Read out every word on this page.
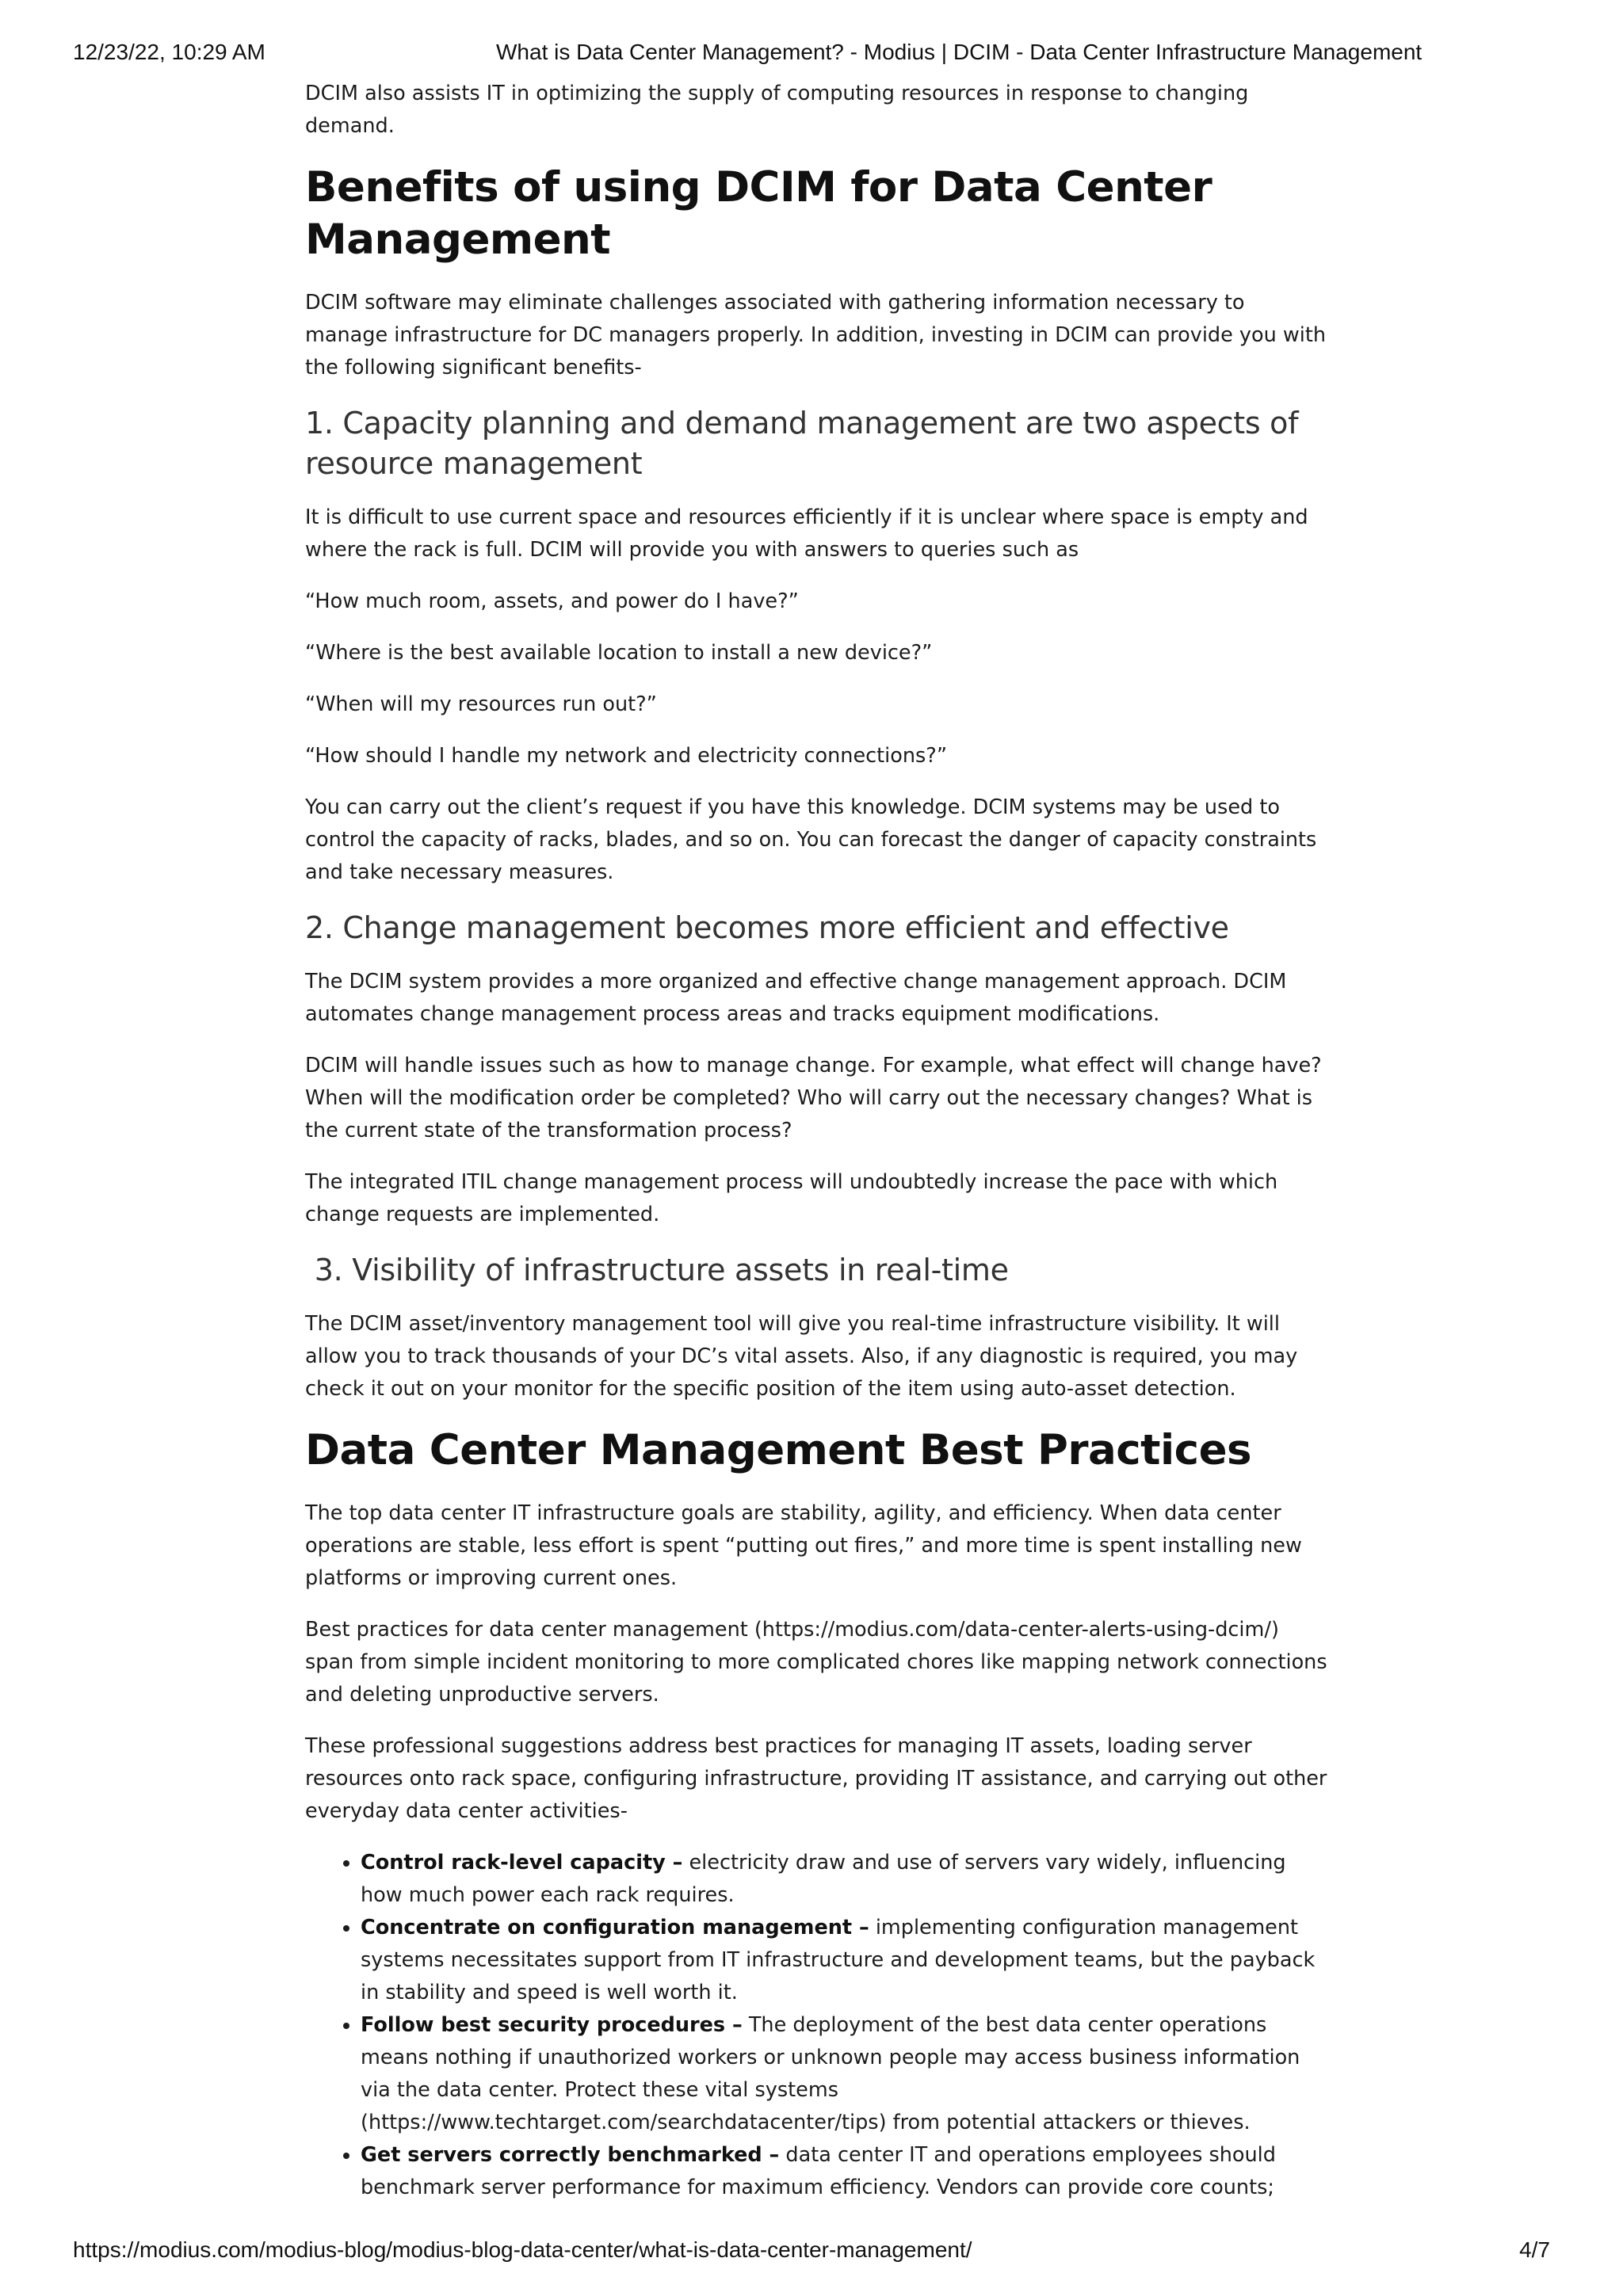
12/23/22, 10:29 AM	What is Data Center Management? - Modius | DCIM - Data Center Infrastructure Management

DCIM also assists IT in optimizing the supply of computing resources in response to changing demand.

Benefits of using DCIM for Data Center Management

DCIM software may eliminate challenges associated with gathering information necessary to manage infrastructure for DC managers properly. In addition, investing in DCIM can provide you with the following significant benefits-

1. Capacity planning and demand management are two aspects of resource management

It is difficult to use current space and resources efficiently if it is unclear where space is empty and where the rack is full. DCIM will provide you with answers to queries such as

“How much room, assets, and power do I have?”

“Where is the best available location to install a new device?”

“When will my resources run out?”

“How should I handle my network and electricity connections?”

You can carry out the client’s request if you have this knowledge. DCIM systems may be used to control the capacity of racks, blades, and so on. You can forecast the danger of capacity constraints and take necessary measures.

2. Change management becomes more efficient and effective

The DCIM system provides a more organized and effective change management approach. DCIM automates change management process areas and tracks equipment modifications.

DCIM will handle issues such as how to manage change. For example, what effect will change have? When will the modification order be completed? Who will carry out the necessary changes? What is the current state of the transformation process?

The integrated ITIL change management process will undoubtedly increase the pace with which change requests are implemented.

3. Visibility of infrastructure assets in real-time

The DCIM asset/inventory management tool will give you real-time infrastructure visibility. It will allow you to track thousands of your DC’s vital assets. Also, if any diagnostic is required, you may check it out on your monitor for the specific position of the item using auto-asset detection.

Data Center Management Best Practices

The top data center IT infrastructure goals are stability, agility, and efficiency. When data center operations are stable, less effort is spent “putting out fires,” and more time is spent installing new platforms or improving current ones.

Best practices for data center management (https://modius.com/data-center-alerts-using-dcim/) span from simple incident monitoring to more complicated chores like mapping network connections and deleting unproductive servers.

These professional suggestions address best practices for managing IT assets, loading server resources onto rack space, configuring infrastructure, providing IT assistance, and carrying out other everyday data center activities-

• Control rack-level capacity – electricity draw and use of servers vary widely, influencing how much power each rack requires.
• Concentrate on configuration management – implementing configuration management systems necessitates support from IT infrastructure and development teams, but the payback in stability and speed is well worth it.
• Follow best security procedures – The deployment of the best data center operations means nothing if unauthorized workers or unknown people may access business information via the data center. Protect these vital systems (https://www.techtarget.com/searchdatacenter/tips) from potential attackers or thieves.
• Get servers correctly benchmarked – data center IT and operations employees should benchmark server performance for maximum efficiency. Vendors can provide core counts;
https://modius.com/modius-blog/modius-blog-data-center/what-is-data-center-management/	4/7
